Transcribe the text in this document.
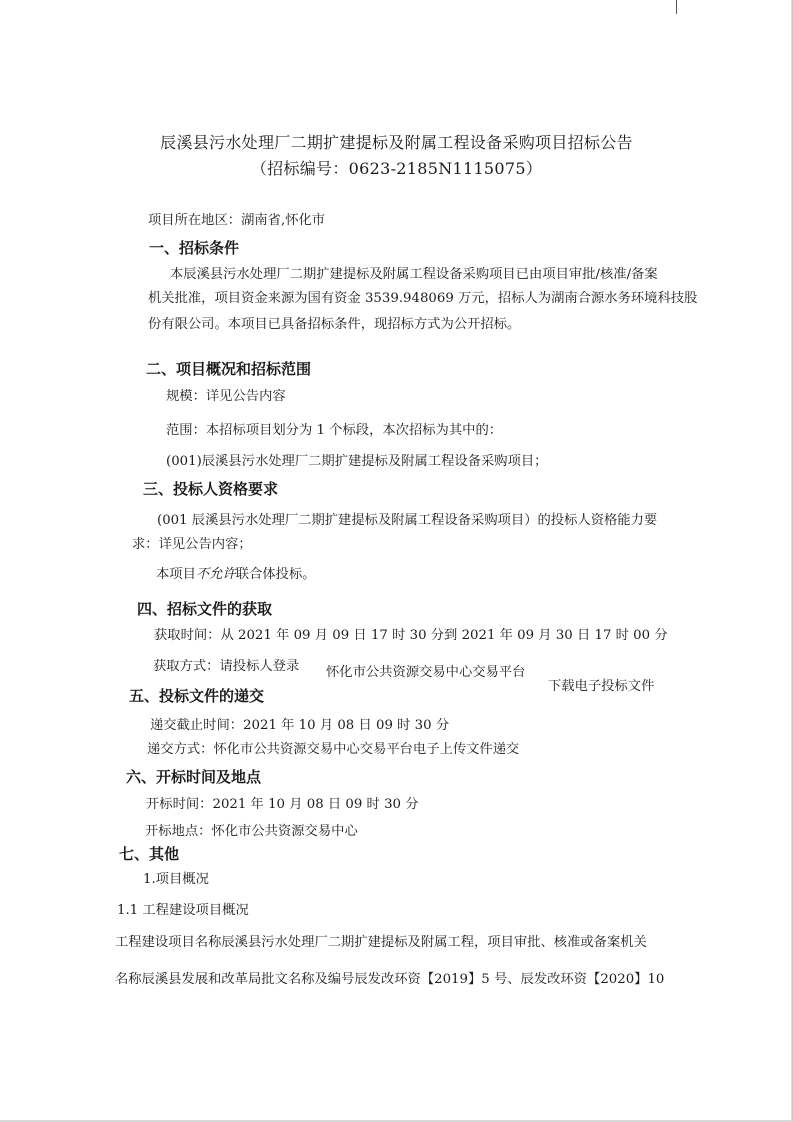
辰溪县污水处理厂二期扩建提标及附属工程设备采购项目招标公告
（招标编号：0623-2185N1115075）
项目所在地区：湖南省,怀化市
一、招标条件
本辰溪县污水处理厂二期扩建提标及附属工程设备采购项目已由项目审批/核准/备案
机关批准，项目资金来源为国有资金 3539.948069 万元，招标人为湖南合源水务环境科技股
份有限公司。本项目已具备招标条件，现招标方式为公开招标。
二、项目概况和招标范围
规模：详见公告内容
范围：本招标项目划分为 1 个标段，本次招标为其中的：
(001)辰溪县污水处理厂二期扩建提标及附属工程设备采购项目；
三、投标人资格要求
(001 辰溪县污水处理厂二期扩建提标及附属工程设备采购项目）的投标人资格能力要
求：详见公告内容；
本项目不允许联合体投标。
四、招标文件的获取
获取时间：从 2021 年 09 月 09 日 17 时 30 分到 2021 年 09 月 30 日 17 时 00 分
获取方式：请投标人登录 怀化市公共资源交易中心交易平台
下载电子投标文件
五、投标文件的递交
递交截止时间：2021 年 10 月 08 日 09 时 30 分
递交方式：怀化市公共资源交易中心交易平台电子上传文件递交
六、开标时间及地点
开标时间：2021 年 10 月 08 日 09 时 30 分
开标地点：怀化市公共资源交易中心
七、其他
1.项目概况
1.1 工程建设项目概况
工程建设项目名称辰溪县污水处理厂二期扩建提标及附属工程，项目审批、核准或备案机关
名称辰溪县发展和改革局批文名称及编号辰发改环资【2019】5 号、辰发改环资【2020】10
